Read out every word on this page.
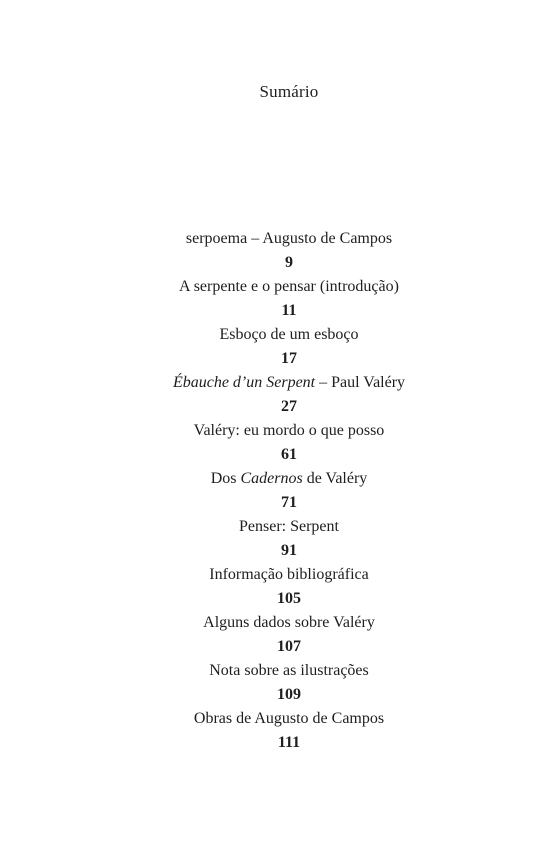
Sumário
serpoema – Augusto de Campos
9
A serpente e o pensar (introdução)
11
Esboço de um esboço
17
Ébauche d’un Serpent – Paul Valéry
27
Valéry: eu mordo o que posso
61
Dos Cadernos de Valéry
71
Penser: Serpent
91
Informação bibliográfica
105
Alguns dados sobre Valéry
107
Nota sobre as ilustrações
109
Obras de Augusto de Campos
111
